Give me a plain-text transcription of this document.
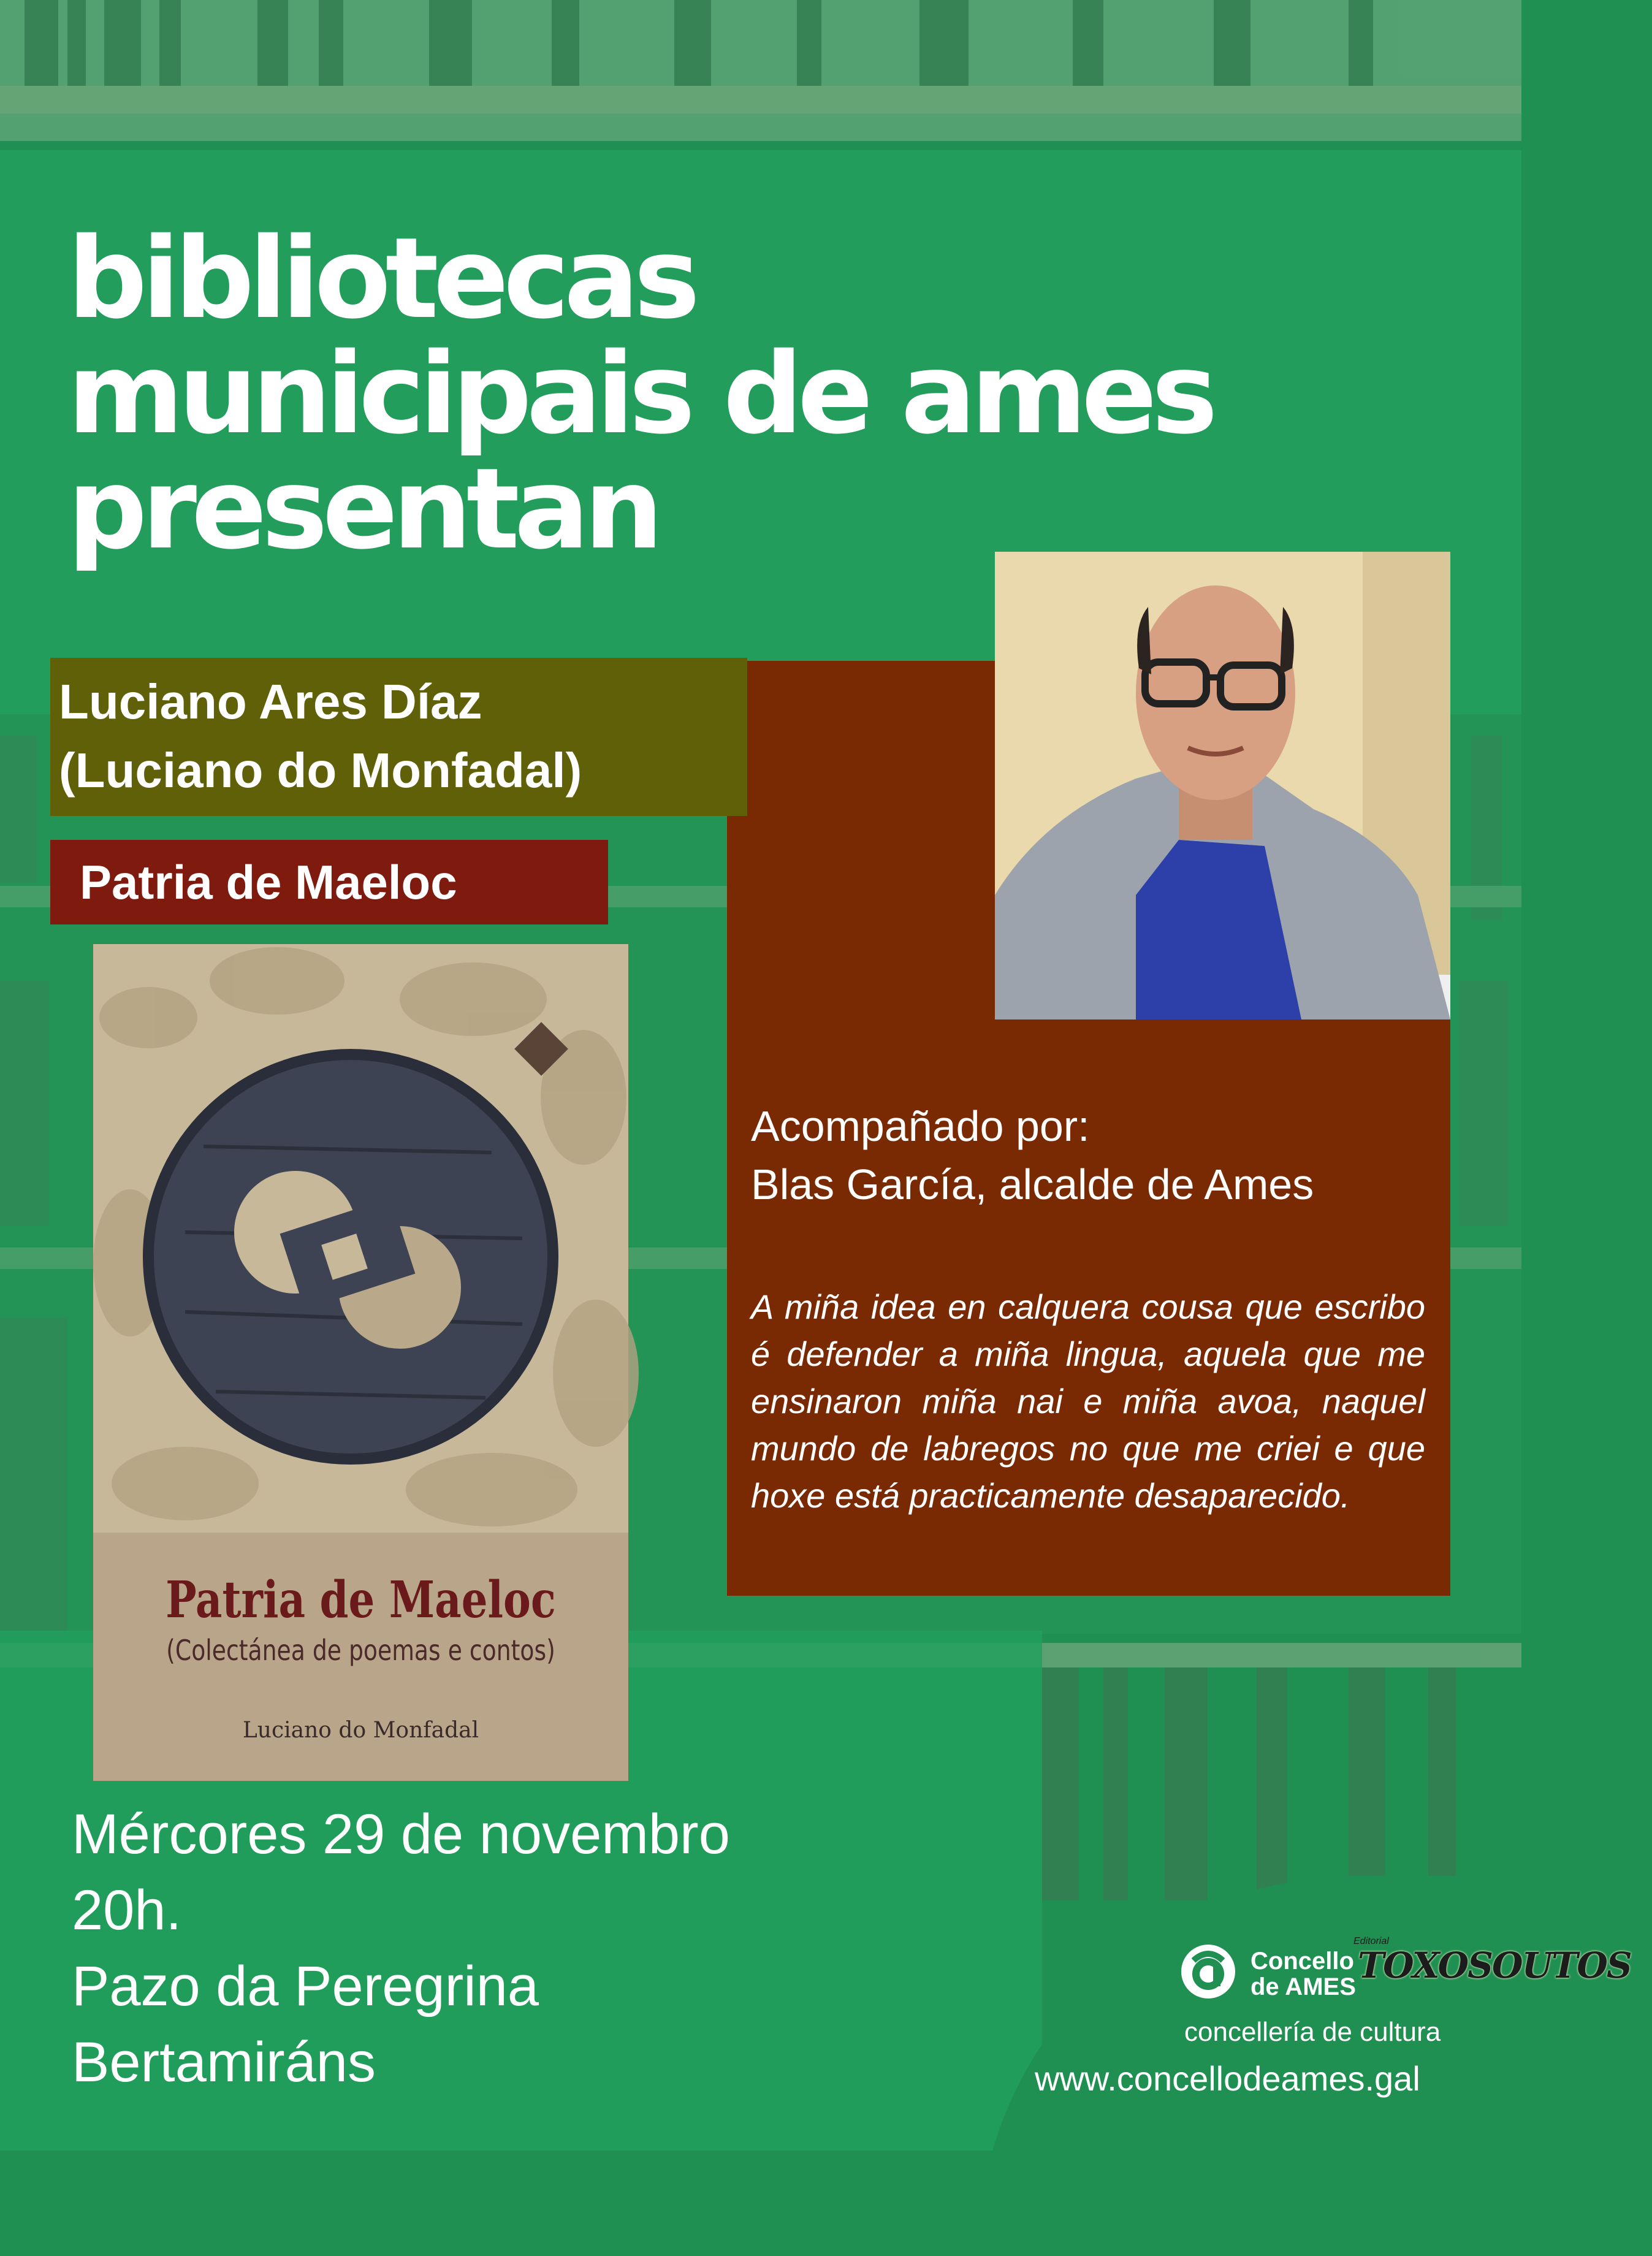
bibliotecas
municipais de ames
presentan
Luciano Ares Díaz
(Luciano do Monfadal)
Patria de Maeloc
Acompañado por:
Blas García, alcalde de Ames
A miña idea en calquera cousa que escribo é defender a miña lingua, aquela que me ensinaron miña nai e miña avoa, naquel mundo de labregos no que me criei e que hoxe está practicamente desaparecido.
Patria de Maeloc
(Colectánea de poemas e contos)
Luciano do Monfadal
Mércores 29 de novembro
20h.
Pazo da Peregrina
Bertamiráns
Concello
de AMES
Editorial
TOXOSOUTOS
concellería de cultura
www.concellodeames.gal
